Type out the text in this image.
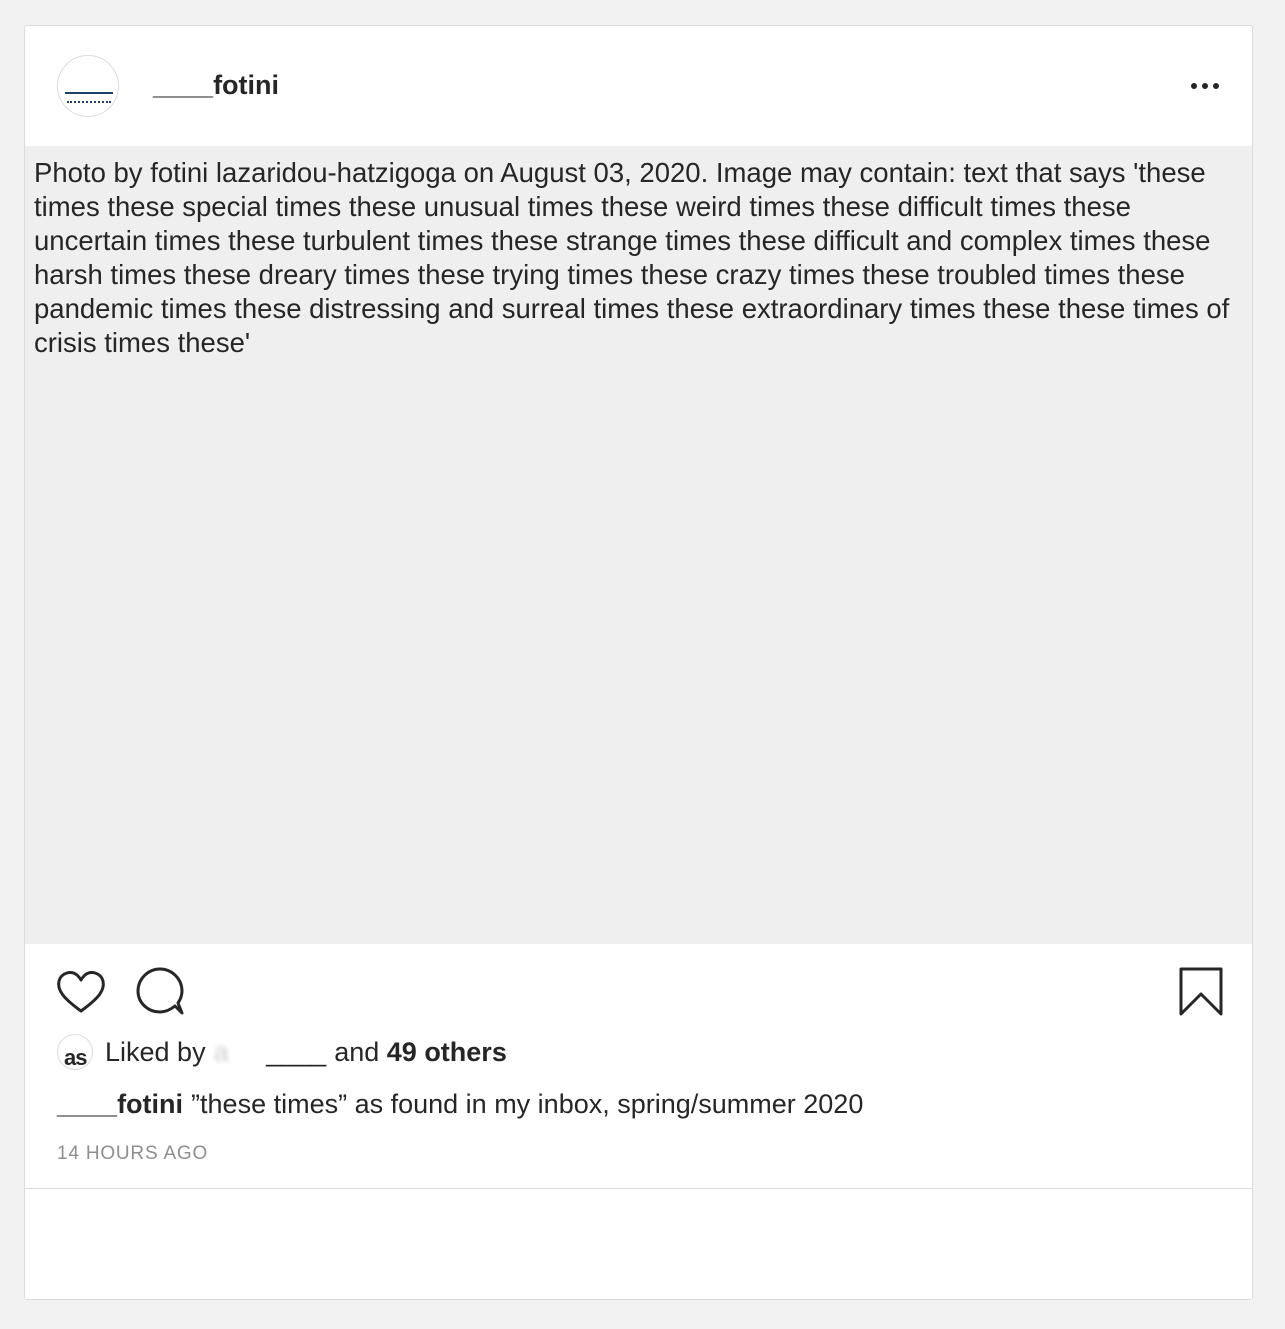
____fotini
Photo by fotini lazaridou-hatzigoga on August 03, 2020. Image may contain: text that says 'these times these special times these unusual times these weird times these difficult times these uncertain times these turbulent times these strange times these difficult and complex times these harsh times these dreary times these trying times these crazy times these troubled times these pandemic times these distressing and surreal times these extraordinary times these these times of crisis times these'
as Liked by a ____ and
49 others
____fotini ”these times” as found in my inbox, spring/summer 2020
14 HOURS AGO
